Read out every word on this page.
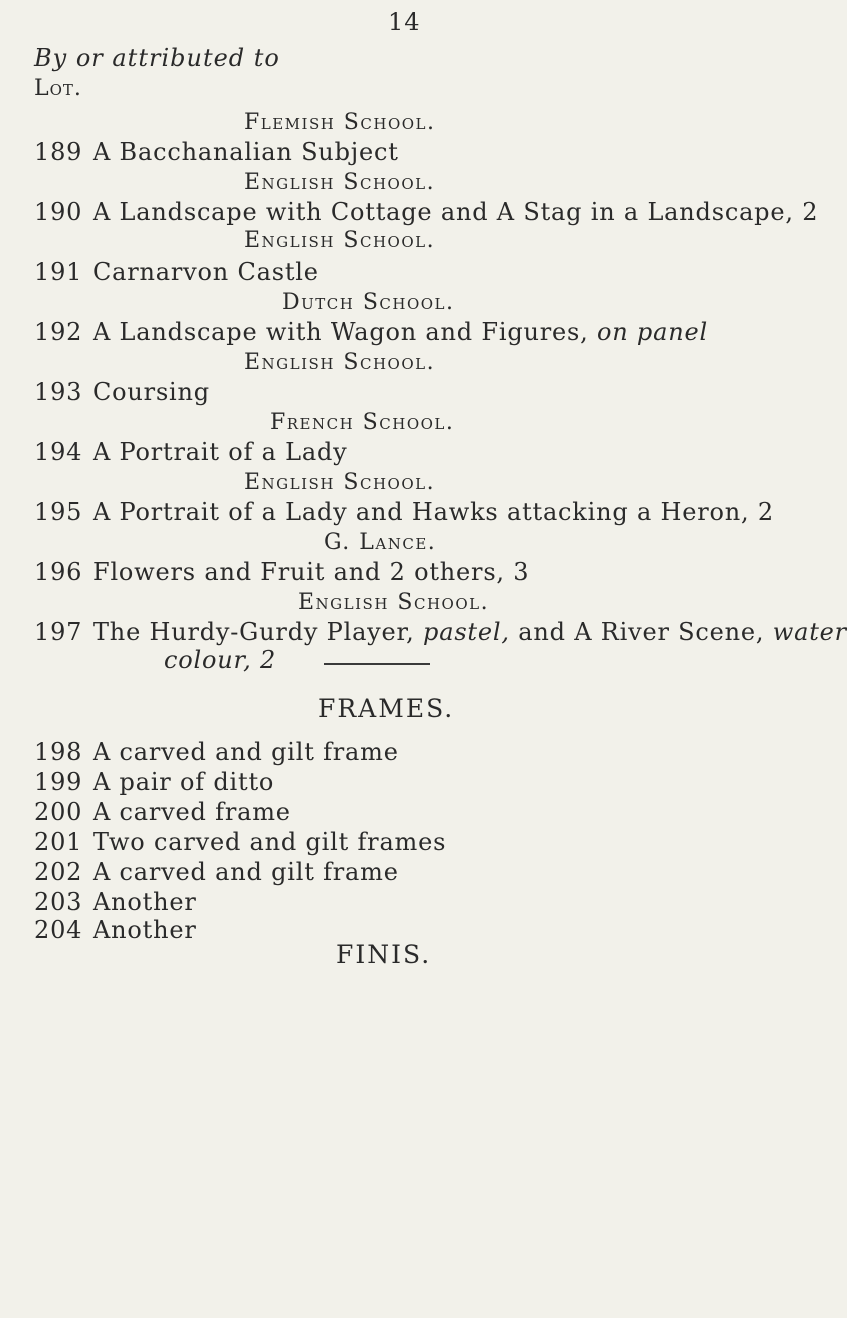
14
By or attributed to
Lot.
Flemish School.
189 A Bacchanalian Subject
English School.
190 A Landscape with Cottage and A Stag in a Landscape, 2
English School.
191 Carnarvon Castle
Dutch School.
192 A Landscape with Wagon and Figures, on panel
English School.
193 Coursing
French School.
194 A Portrait of a Lady
English School.
195 A Portrait of a Lady and Hawks attacking a Heron, 2
G. Lance.
196 Flowers and Fruit and 2 others, 3
English School.
197 The Hurdy-Gurdy Player, pastel, and A River Scene, water
colour, 2
FRAMES.
198 A carved and gilt frame
199 A pair of ditto
200 A carved frame
201 Two carved and gilt frames
202 A carved and gilt frame
203 Another
204 Another
FINIS.
